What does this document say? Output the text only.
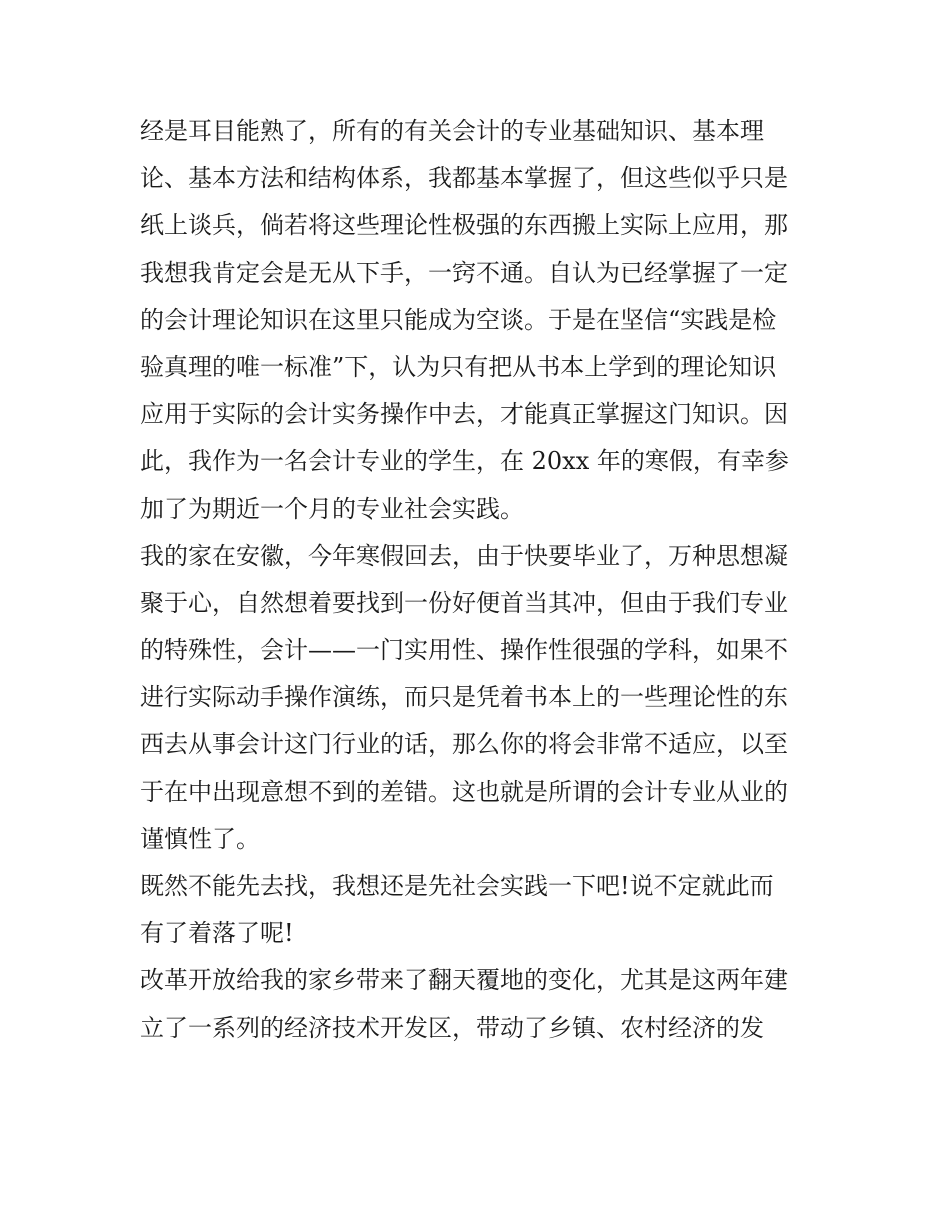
经是耳目能熟了，所有的有关会计的专业基础知识、基本理
论、基本方法和结构体系，我都基本掌握了，但这些似乎只是
纸上谈兵，倘若将这些理论性极强的东西搬上实际上应用，那
我想我肯定会是无从下手，一窍不通。自认为已经掌握了一定
的会计理论知识在这里只能成为空谈。于是在坚信“实践是检
验真理的唯一标准”下，认为只有把从书本上学到的理论知识
应用于实际的会计实务操作中去，才能真正掌握这门知识。因
此，我作为一名会计专业的学生，在 20xx 年的寒假，有幸参
加了为期近一个月的专业社会实践。
我的家在安徽，今年寒假回去，由于快要毕业了，万种思想凝
聚于心，自然想着要找到一份好便首当其冲，但由于我们专业
的特殊性，会计——一门实用性、操作性很强的学科，如果不
进行实际动手操作演练，而只是凭着书本上的一些理论性的东
西去从事会计这门行业的话，那么你的将会非常不适应，以至
于在中出现意想不到的差错。这也就是所谓的会计专业从业的
谨慎性了。
既然不能先去找，我想还是先社会实践一下吧!说不定就此而
有了着落了呢!
改革开放给我的家乡带来了翻天覆地的变化，尤其是这两年建
立了一系列的经济技术开发区，带动了乡镇、农村经济的发
